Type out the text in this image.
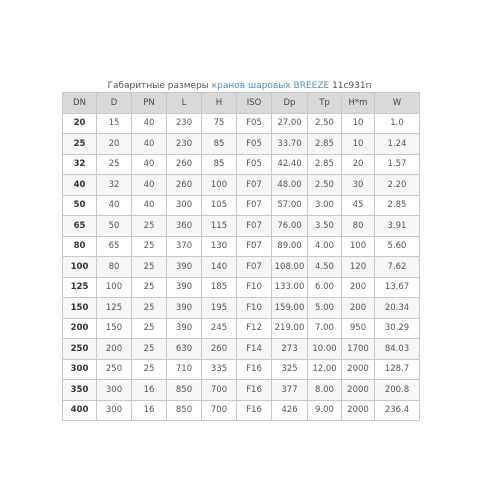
Габаритные размеры кранов шаровых BREEZE 11с931п
DN	D	PN	L	H	ISO	Dp	Tp	H*m	W
20	15	40	230	75	F05	27.00	2.50	10	1.0
25	20	40	230	85	F05	33.70	2.85	10	1.24
32	25	40	260	85	F05	42.40	2.85	20	1.57
40	32	40	260	100	F07	48.00	2.50	30	2.20
50	40	40	300	105	F07	57.00	3.00	45	2.85
65	50	25	360	115	F07	76.00	3.50	80	3.91
80	65	25	370	130	F07	89.00	4.00	100	5.60
100	80	25	390	140	F07	108.00	4.50	120	7.62
125	100	25	390	185	F10	133.00	6.00	200	13.67
150	125	25	390	195	F10	159.00	5.00	200	20.34
200	150	25	390	245	F12	219.00	7.00	950	30.29
250	200	25	630	260	F14	273	10.00	1700	84.03
300	250	25	710	335	F16	325	12.00	2000	128.7
350	300	16	850	700	F16	377	8.00	2000	200.8
400	300	16	850	700	F16	426	9.00	2000	236.4
